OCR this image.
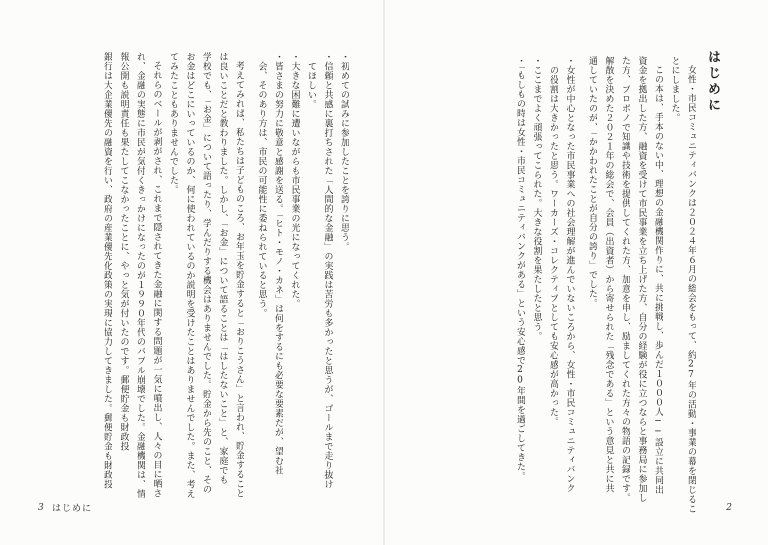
・初めての試みに参加したことを誇りに思う。
・信頼と共感に裏打ちされた「人間的な金融」の実践は苦労も多かったと思うが、ゴールまで走り抜け
　てほしい。
・大きな困難に遭いながらも市民事業の光になってくれた。
・皆さまの努力に敬意と感謝を送る。「ヒト・モノ・カネ」は何をするにも必要な要素だが、望む社
　会、そのあり方は、市民の可能性に委ねられていると思う。
考えてみれば、私たちは子どものころ、お年玉を貯金すると「おりこうさん」と言われ、貯金すること
は良いことだと教わりました。しかし、「お金」について語ることは「はしたないこと」と、家庭でも
学校でも、「お金」について語ったり、学んだりする機会はありませんでした。貯金から先のこと、その
お金はどこにいっているのか、何に使われているのか説明を受けたことはありませんでした。また、考え
てみたこともありませんでした。
それらのベールが剥がされ、これまで隠されてきた金融に関する問題が一気に噴出し、人々の目に晒さ
れ、金融の実態に市民が気付くきっかけになったのが１９９０年代のバブル崩壊でした。金融機関は、情
報公開も説明責任も果たしてこなかったことに、やっと気が付いたのです。郵便貯金も財政投
銀行は大企業優先の融資を行い、政府の産業優先化政策の実現に協力してきました。郵便貯金も財政投
3 はじめに
はじめに
女性・市民コミュニティバンクは２０２４年６月の総会をもって、約27年の活動・事業の幕を閉じるこ
とにしました。
この本は、手本のない中、理想の金融機関作りに、共に挑戦し、歩んだ１０００人──設立に共同出
資金を拠出した方、融資を受けて市民事業を立ち上げた方、自分の経験が役に立つならと事務局に参加し
た方、プロボノで知識や技術を提供してくれた方、加意を申し、励ましてくれた方々の物語の記録です。
解散を決めた２０２１年の総会で、会員（出資者）から寄せられた「残念である」という意見と共に共
通していたのが、「かかわれたことが自分の誇り」でした。
・女性が中心となった市民事業への社会理解が進んでいないころから、女性・市民コミュニティバンク
　の役割は大きかったと思う。ワーカーズ・コレクティブとしても安心感が高かった。
・ここまでよく頑張ってこられた。大きな役割を果たしたと思う。
・「もしもの時は女性・市民コミュニティバンクがある」という安心感で20年間を過ごしてきた。
2
